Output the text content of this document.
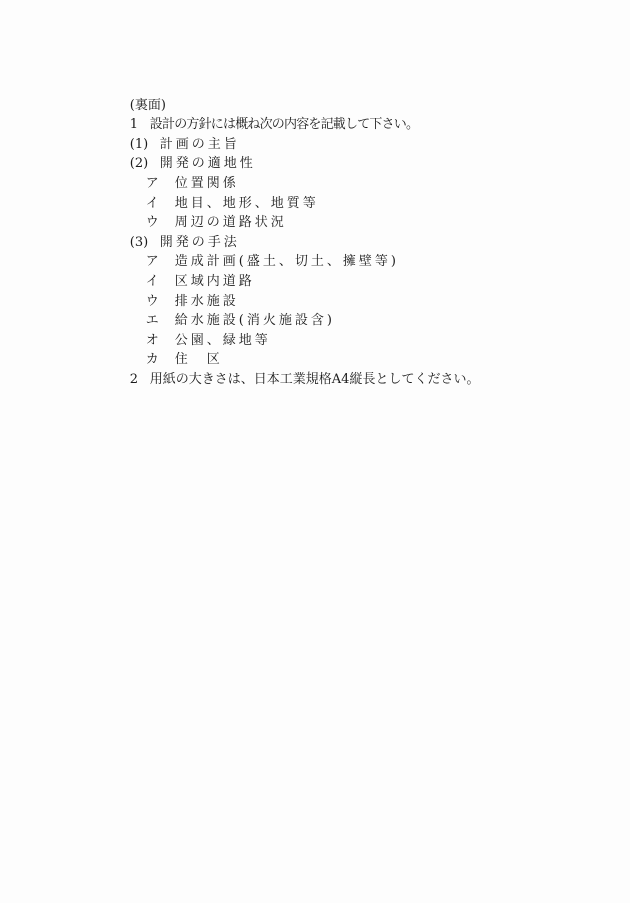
(裏面)

1 設計の方針には概ね次の内容を記載して下さい。

(1) 計画の主旨

(2) 開発の適地性

ア 位置関係

イ 地目、地形、地質等

ウ 周辺の道路状況

(3) 開発の手法

ア 造成計画(盛土、切土、擁壁等)

イ 区域内道路

ウ 排水施設

エ 給水施設(消火施設含)

オ 公園、緑地等

カ 住　区

2 用紙の大きさは、日本工業規格A4縦長としてください。
